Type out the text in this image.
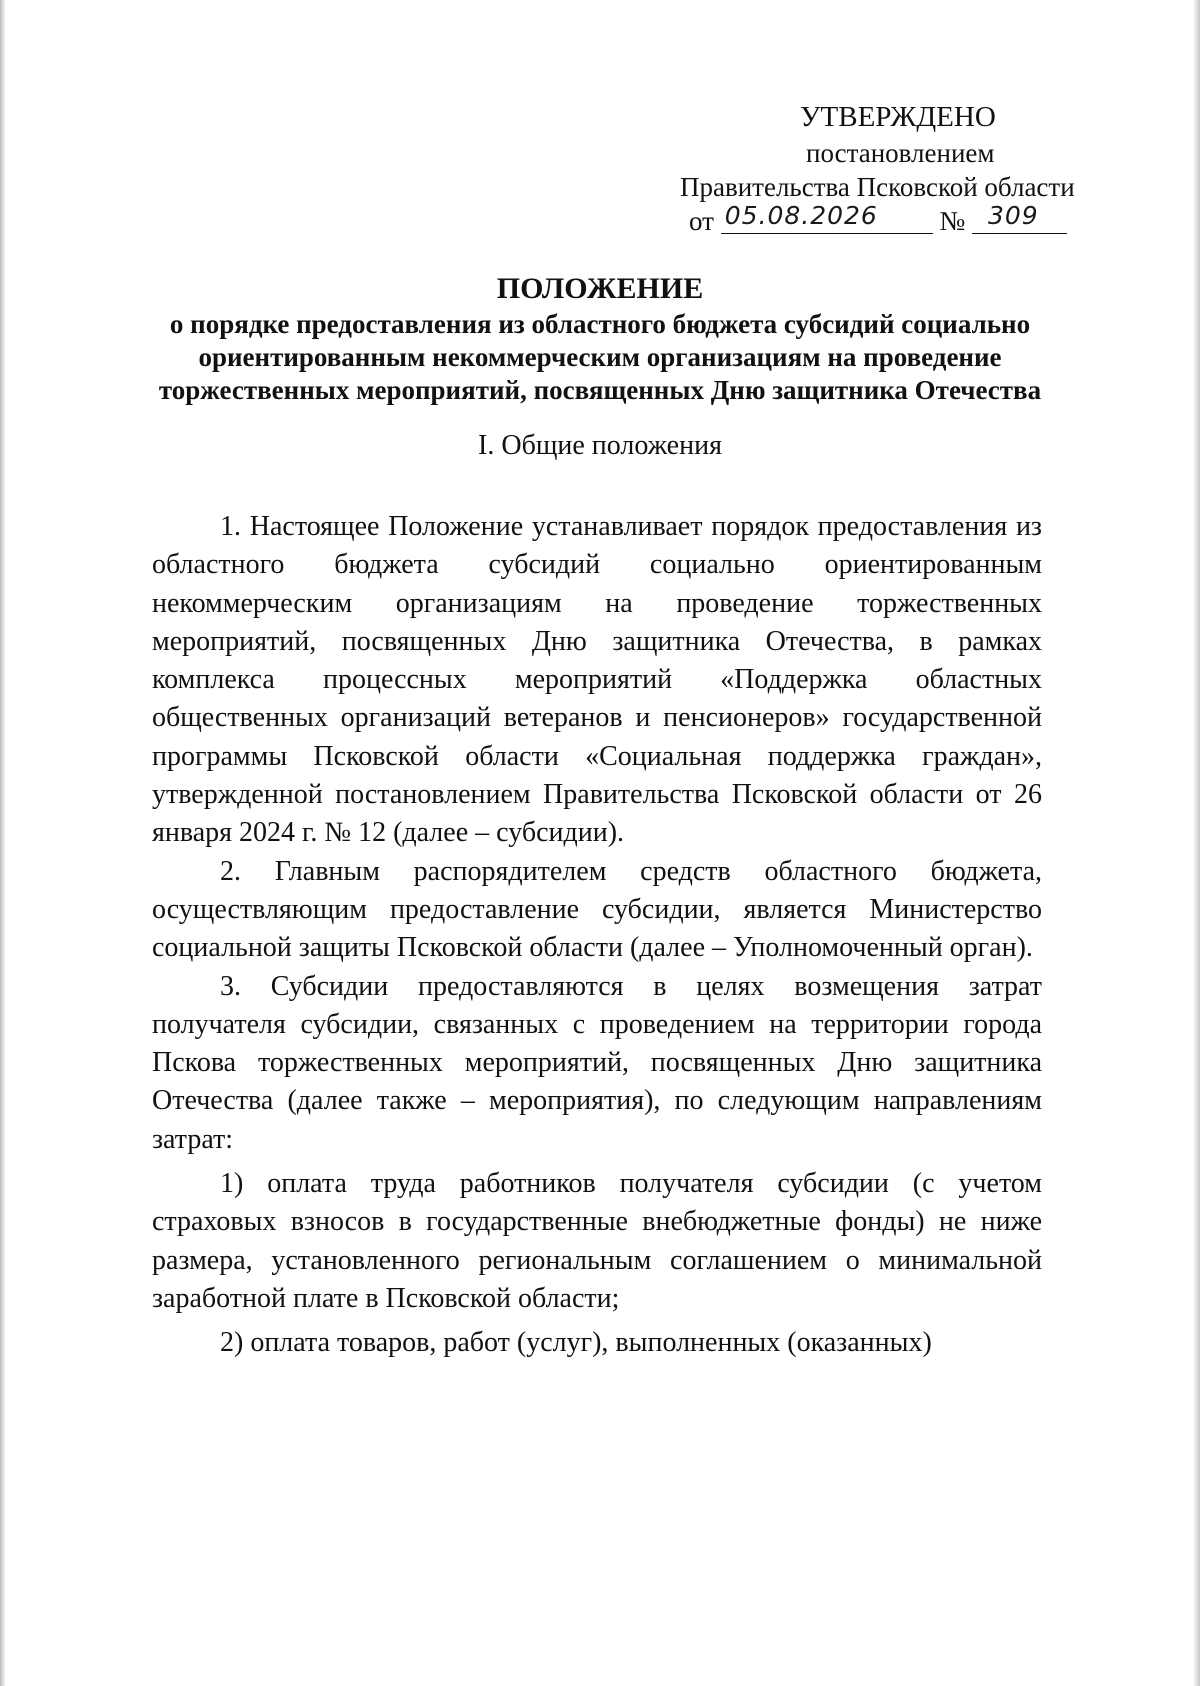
УТВЕРЖДЕНО
постановлением
Правительства Псковской области
от 05.08.2026 № 309
ПОЛОЖЕНИЕ
о порядке предоставления из областного бюджета субсидий социально ориентированным некоммерческим организациям на проведение торжественных мероприятий, посвященных Дню защитника Отечества
I. Общие положения

1. Настоящее Положение устанавливает порядок предоставления из областного бюджета субсидий социально ориентированным некоммерческим организациям на проведение торжественных мероприятий, посвященных Дню защитника Отечества, в рамках комплекса процессных мероприятий «Поддержка областных общественных организаций ветеранов и пенсионеров» государственной программы Псковской области «Социальная поддержка граждан», утвержденной постановлением Правительства Псковской области от 26 января 2024 г. № 12 (далее – субсидии).

2. Главным распорядителем средств областного бюджета, осуществляющим предоставление субсидии, является Министерство социальной защиты Псковской области (далее – Уполномоченный орган).

3. Субсидии предоставляются в целях возмещения затрат получателя субсидии, связанных с проведением на территории города Пскова торжественных мероприятий, посвященных Дню защитника Отечества (далее также – мероприятия), по следующим направлениям затрат:

1) оплата труда работников получателя субсидии (с учетом страховых взносов в государственные внебюджетные фонды) не ниже размера, установленного региональным соглашением о минимальной заработной плате в Псковской области;

2) оплата товаров, работ (услуг), выполненных (оказанных)
